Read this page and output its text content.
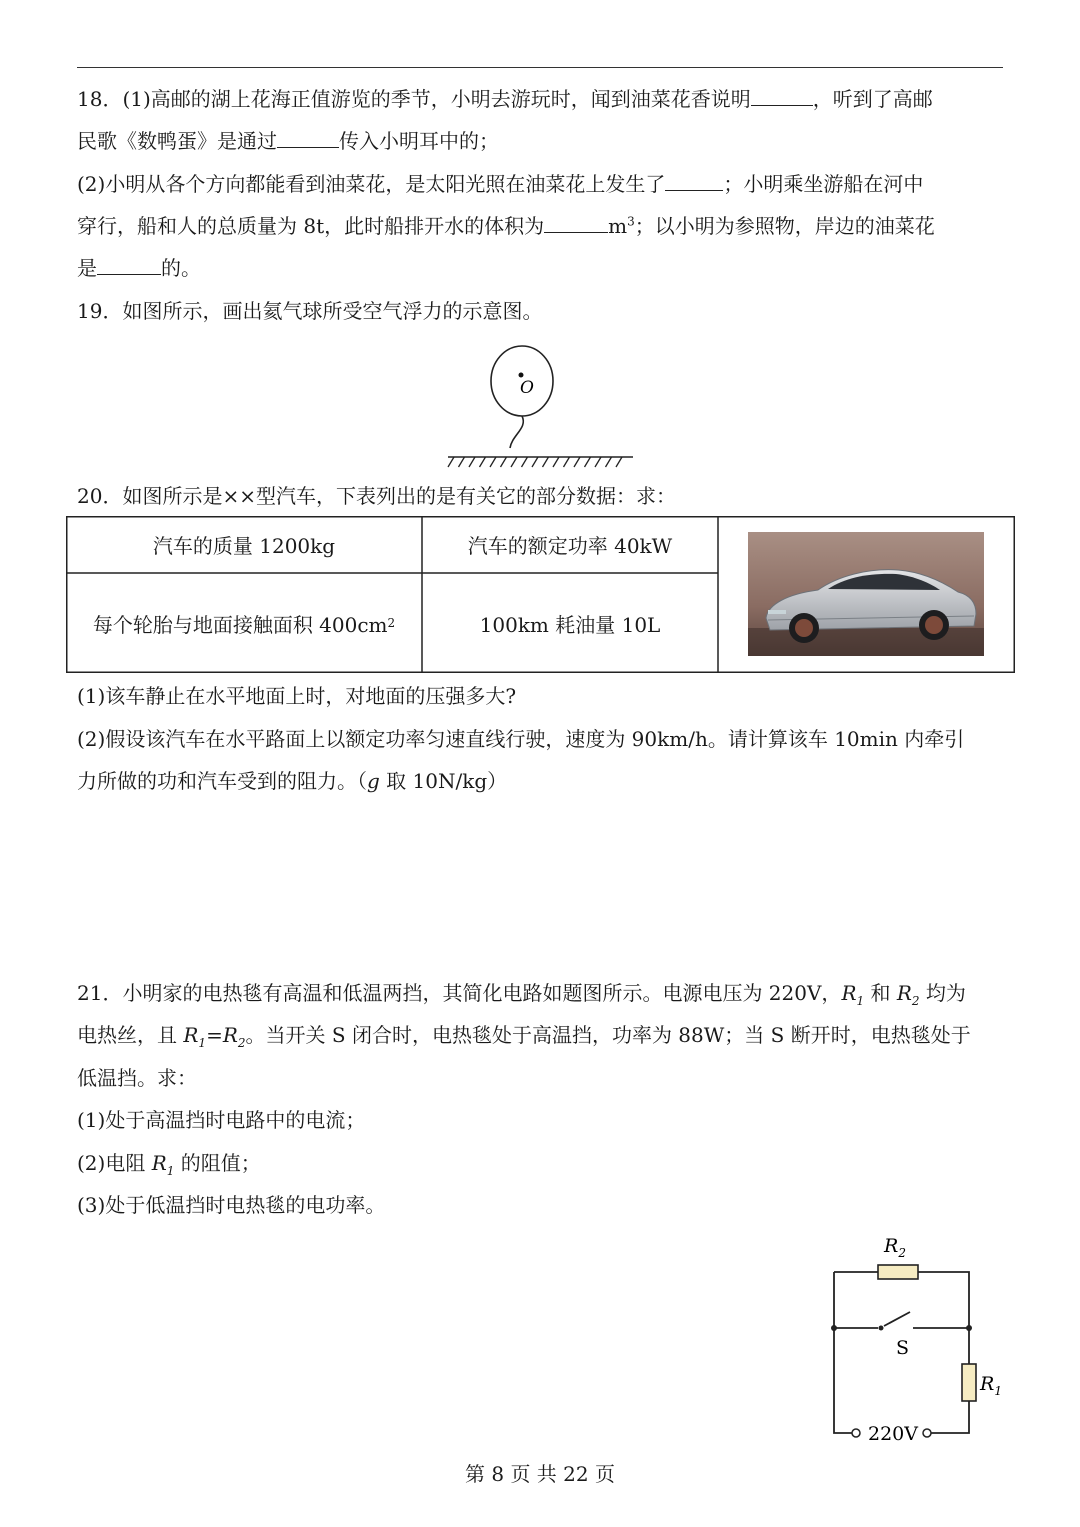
18．(1)高邮的湖上花海正值游览的季节，小明去游玩时，闻到油菜花香说明	，听到了高邮
民歌《数鸭蛋》是通过	传入小明耳中的；
(2)小明从各个方向都能看到油菜花，是太阳光照在油菜花上发生了	；小明乘坐游船在河中
穿行，船和人的总质量为 8t，此时船排开水的体积为	$m^3$；以小明为参照物，岸边的油菜花
是	的。
19．如图所示，画出氦气球所受空气浮力的示意图。
O
20．如图所示是××型汽车，下表列出的是有关它的部分数据：求：
汽车的质量 1200kg	汽车的额定功率 40kW
每个轮胎与地面接触面积 400cm 2	100km 耗油量 10L
(1)该车静止在水平地面上时，对地面的压强多大?
(2)假设该汽车在水平路面上以额定功率匀速直线行驶，速度为 90km/h。请计算该车 10min 内牵引
力所做的功和汽车受到的阻力。（g 取 10N/kg）
21．小明家的电热毯有高温和低温两挡，其简化电路如题图所示。电源电压为 220V，$R_1$ 和 $R_2$ 均为
电热丝，且 $R_1=R_2$。当开关 S 闭合时，电热毯处于高温挡，功率为 88W；当 S 断开时，电热毯处于
低温挡。求：
(1)处于高温挡时电路中的电流；
(2)电阻 $R_1$ 的阻值；
(3)处于低温挡时电热毯的电功率。
$R_2$
$R_1$
S
220V
第 8 页 共 22 页
